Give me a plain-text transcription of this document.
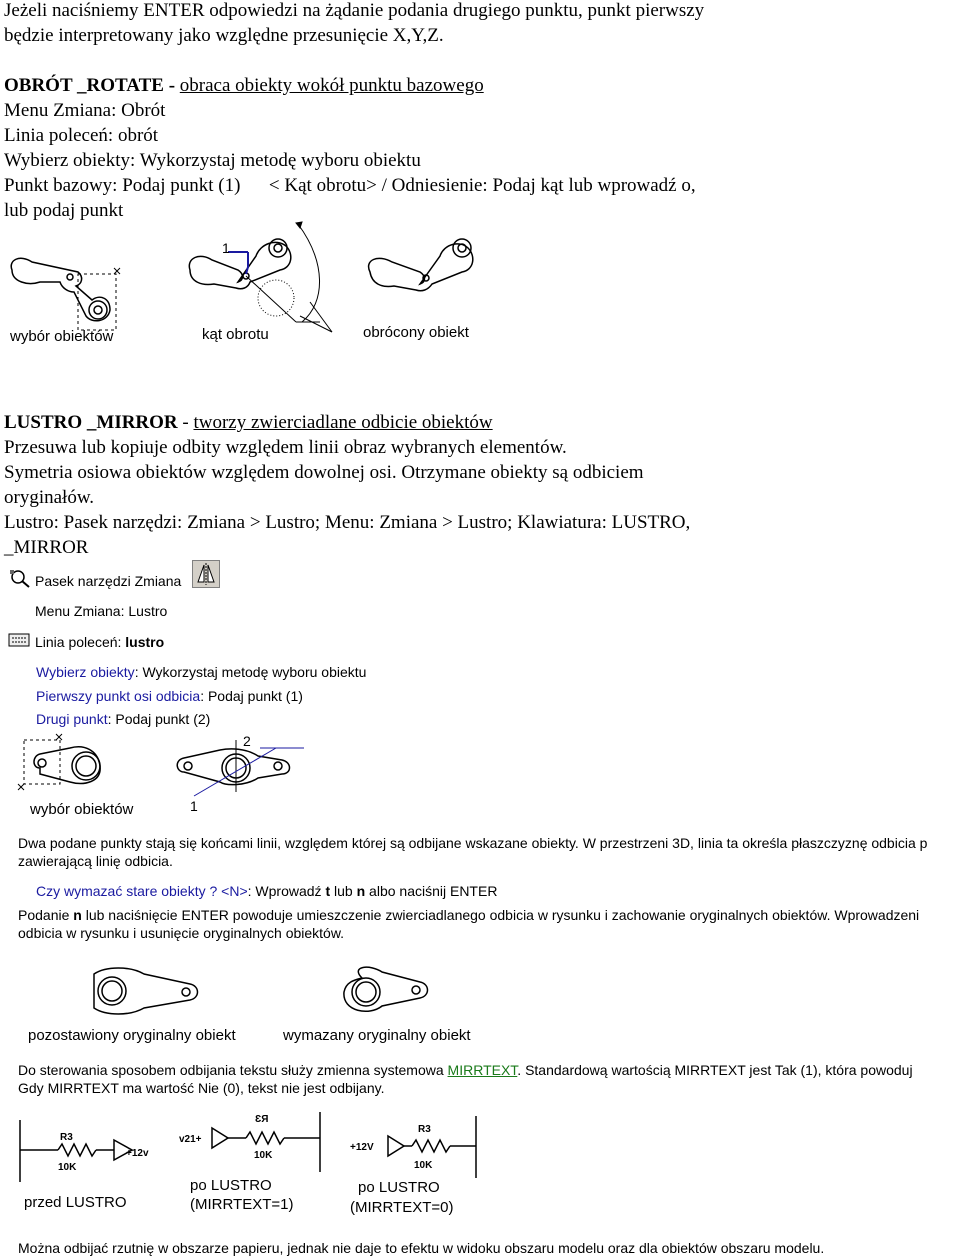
Jeżeli naciśniemy ENTER odpowiedzi na żądanie podania drugiego punktu, punkt pierwszy
będzie interpretowany jako względne przesunięcie X,Y,Z.
OBRÓT _ROTATE - obraca obiekty wokół punktu bazowego
Menu Zmiana: Obrót
Linia poleceń: obrót
Wybierz obiekty: Wykorzystaj metodę wyboru obiektu
Punkt bazowy: Podaj punkt (1)      < Kąt obrotu> / Odniesienie: Podaj kąt lub wprowadź o,
lub podaj punkt
1
wybór obiektów	kąt obrotu	obrócony obiekt
LUSTRO _MIRROR - tworzy zwierciadlane odbicie obiektów
Przesuwa lub kopiuje odbity względem linii obraz wybranych elementów.
Symetria osiowa obiektów względem dowolnej osi. Otrzymane obiekty są odbiciem
oryginałów.
Lustro: Pasek narzędzi: Zmiana > Lustro; Menu: Zmiana > Lustro; Klawiatura: LUSTRO,
_MIRROR
Pasek narzędzi Zmiana
Menu Zmiana: Lustro
Linia poleceń: lustro
Wybierz obiekty: Wykorzystaj metodę wyboru obiektu
Pierwszy punkt osi odbicia: Podaj punkt (1)
Drugi punkt: Podaj punkt (2)
wybór obiektów
2
1
Dwa podane punkty stają się końcami linii, względem której są odbijane wskazane obiekty. W przestrzeni 3D, linia ta określa płaszczyznę odbicia p
zawierającą linię odbicia.
Czy wymazać stare obiekty ? <N>: Wprowadź t lub n albo naciśnij ENTER
Podanie n lub naciśnięcie ENTER powoduje umieszczenie zwierciadlanego odbicia w rysunku i zachowanie oryginalnych obiektów. Wprowadzeni
odbicia w rysunku i usunięcie oryginalnych obiektów.
pozostawiony oryginalny obiekt	wymazany oryginalny obiekt
Do sterowania sposobem odbijania tekstu służy zmienna systemowa MIRRTEXT. Standardową wartością MIRRTEXT jest Tak (1), która powoduj
Gdy MIRRTEXT ma wartość Nie (0), tekst nie jest odbijany.
R3
10K
+12v
przed LUSTRO
v21+
ƐЯ
10K
po LUSTRO
(MIRRTEXT=1)
R3
10K
+12V
po LUSTRO
(MIRRTEXT=0)
Można odbijać rzutnię w obszarze papieru, jednak nie daje to efektu w widoku obszaru modelu oraz dla obiektów obszaru modelu.
